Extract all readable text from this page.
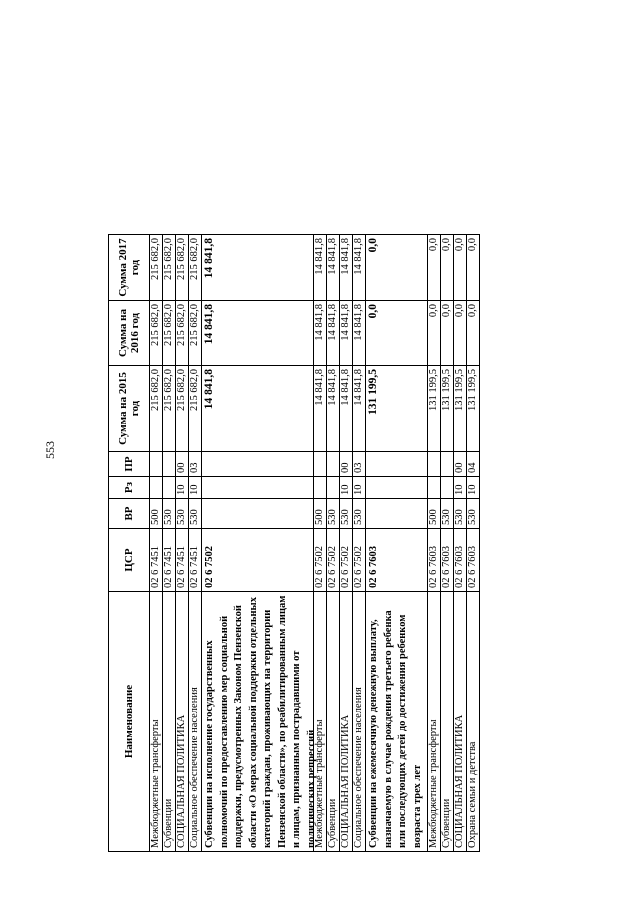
553
Наименование
ЦСР
ВР
Рз
ПР
Сумма на 2015 год
Сумма на 2016 год
Сумма 2017 год
Межбюджетные трансферты
02 6 7451
500
215 682,0
215 682,0
215 682,0
Субвенции
02 6 7451
530
215 682,0
215 682,0
215 682,0
СОЦИАЛЬНАЯ ПОЛИТИКА
02 6 7451
530
10
00
215 682,0
215 682,0
215 682,0
Социальное обеспечение населения
02 6 7451
530
10
03
215 682,0
215 682,0
215 682,0
Субвенции на исполнение государственных полномочий по предоставлению мер социальной поддержки, предусмотренных Законом Пензенской области «О мерах социальной поддержки отдельных категорий граждан, проживающих на территории Пензенской области», по реабилитированным лицам и лицам, признанным пострадавшими от политических репрессий
02 6 7502
14 841,8
14 841,8
14 841,8
Межбюджетные трансферты
02 6 7502
500
14 841,8
14 841,8
14 841,8
Субвенции
02 6 7502
530
14 841,8
14 841,8
14 841,8
СОЦИАЛЬНАЯ ПОЛИТИКА
02 6 7502
530
10
00
14 841,8
14 841,8
14 841,8
Социальное обеспечение населения
02 6 7502
530
10
03
14 841,8
14 841,8
14 841,8
Субвенции на ежемесячную денежную выплату, назначаемую в случае рождения третьего ребенка или последующих детей до достижения ребенком возраста трех лет
02 6 7603
131 199,5
0,0
0,0
Межбюджетные трансферты
02 6 7603
500
131 199,5
0,0
0,0
Субвенции
02 6 7603
530
131 199,5
0,0
0,0
СОЦИАЛЬНАЯ ПОЛИТИКА
02 6 7603
530
10
00
131 199,5
0,0
0,0
Охрана семьи и детства
02 6 7603
530
10
04
131 199,5
0,0
0,0
